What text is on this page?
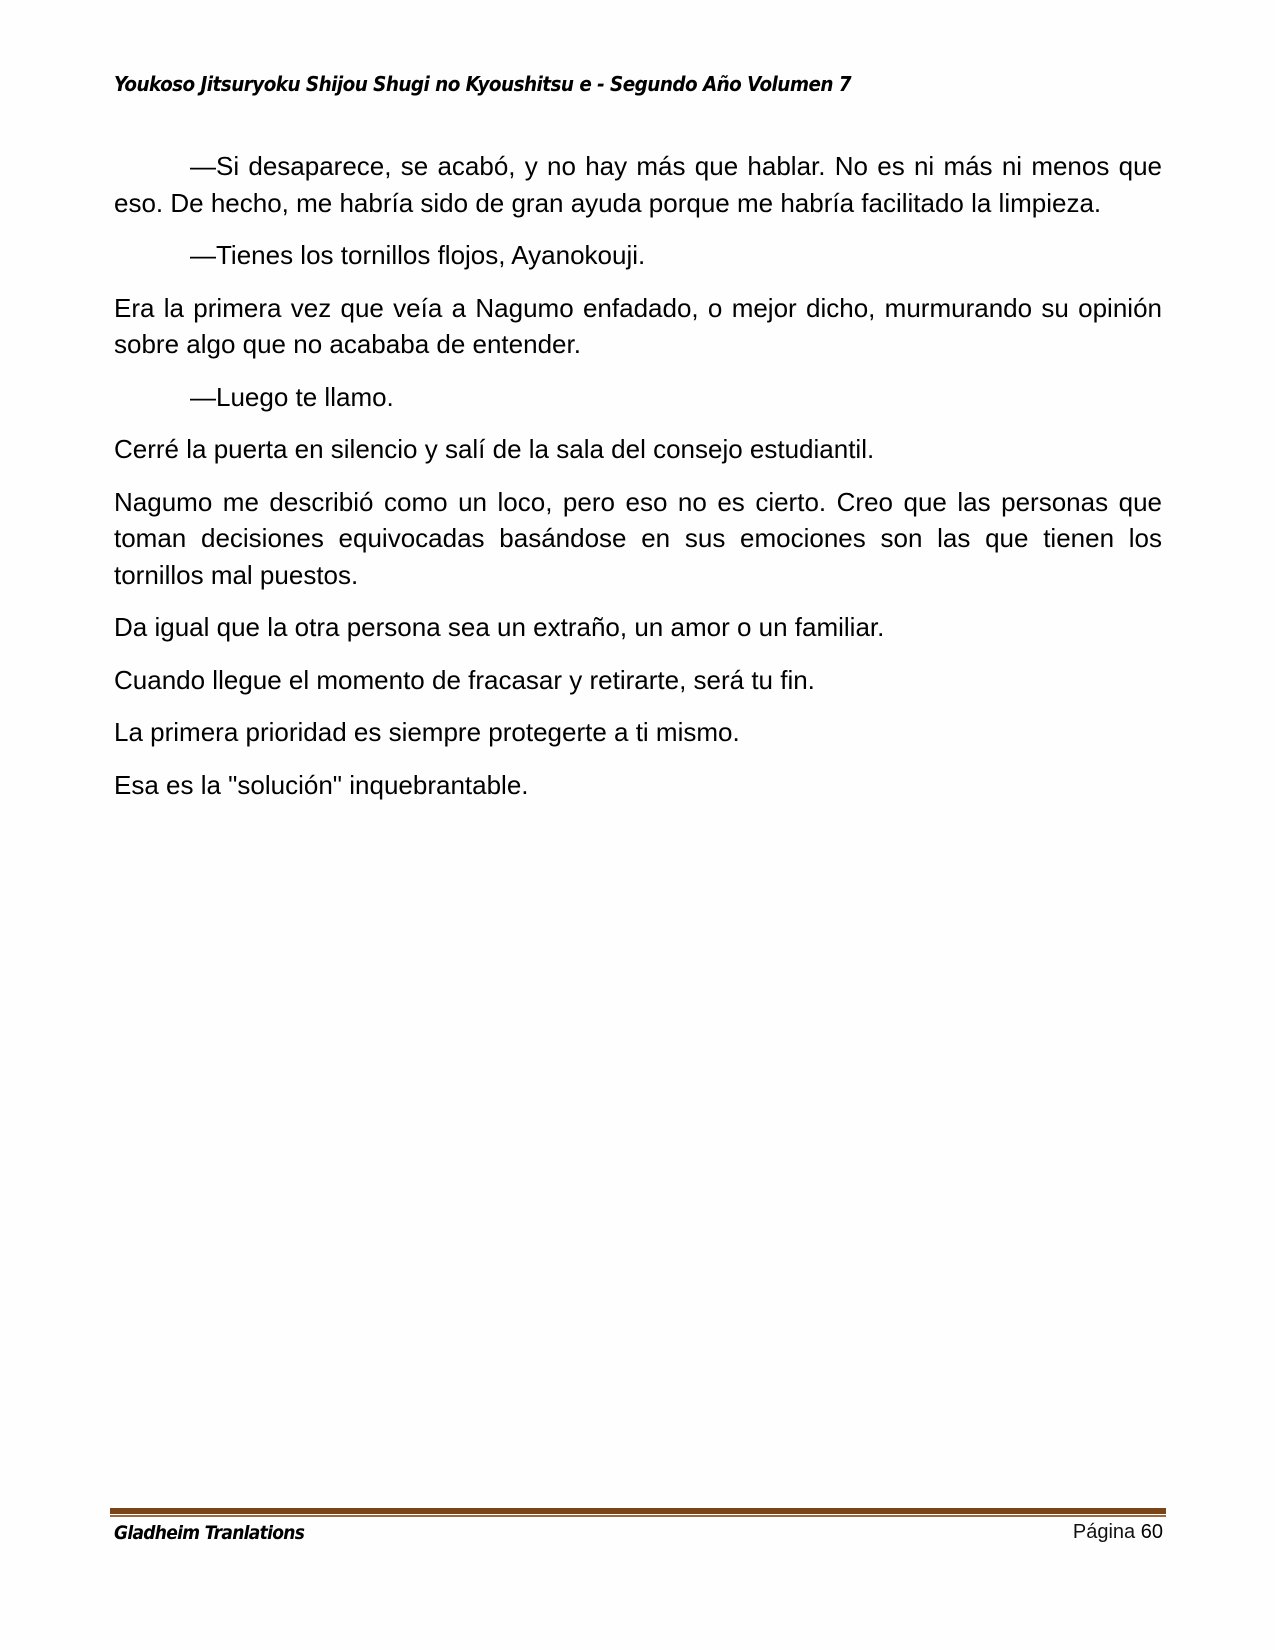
Youkoso Jitsuryoku Shijou Shugi no Kyoushitsu e - Segundo Año Volumen 7

—Si desaparece, se acabó, y no hay más que hablar. No es ni más ni menos que eso. De hecho, me habría sido de gran ayuda porque me habría facilitado la limpieza.

—Tienes los tornillos flojos, Ayanokouji.

Era la primera vez que veía a Nagumo enfadado, o mejor dicho, murmurando su opinión sobre algo que no acababa de entender.

—Luego te llamo.

Cerré la puerta en silencio y salí de la sala del consejo estudiantil.

Nagumo me describió como un loco, pero eso no es cierto. Creo que las personas que toman decisiones equivocadas basándose en sus emociones son las que tienen los tornillos mal puestos.

Da igual que la otra persona sea un extraño, un amor o un familiar.

Cuando llegue el momento de fracasar y retirarte, será tu fin.

La primera prioridad es siempre protegerte a ti mismo.

Esa es la "solución" inquebrantable.

Gladheim Tranlations	Página 60
